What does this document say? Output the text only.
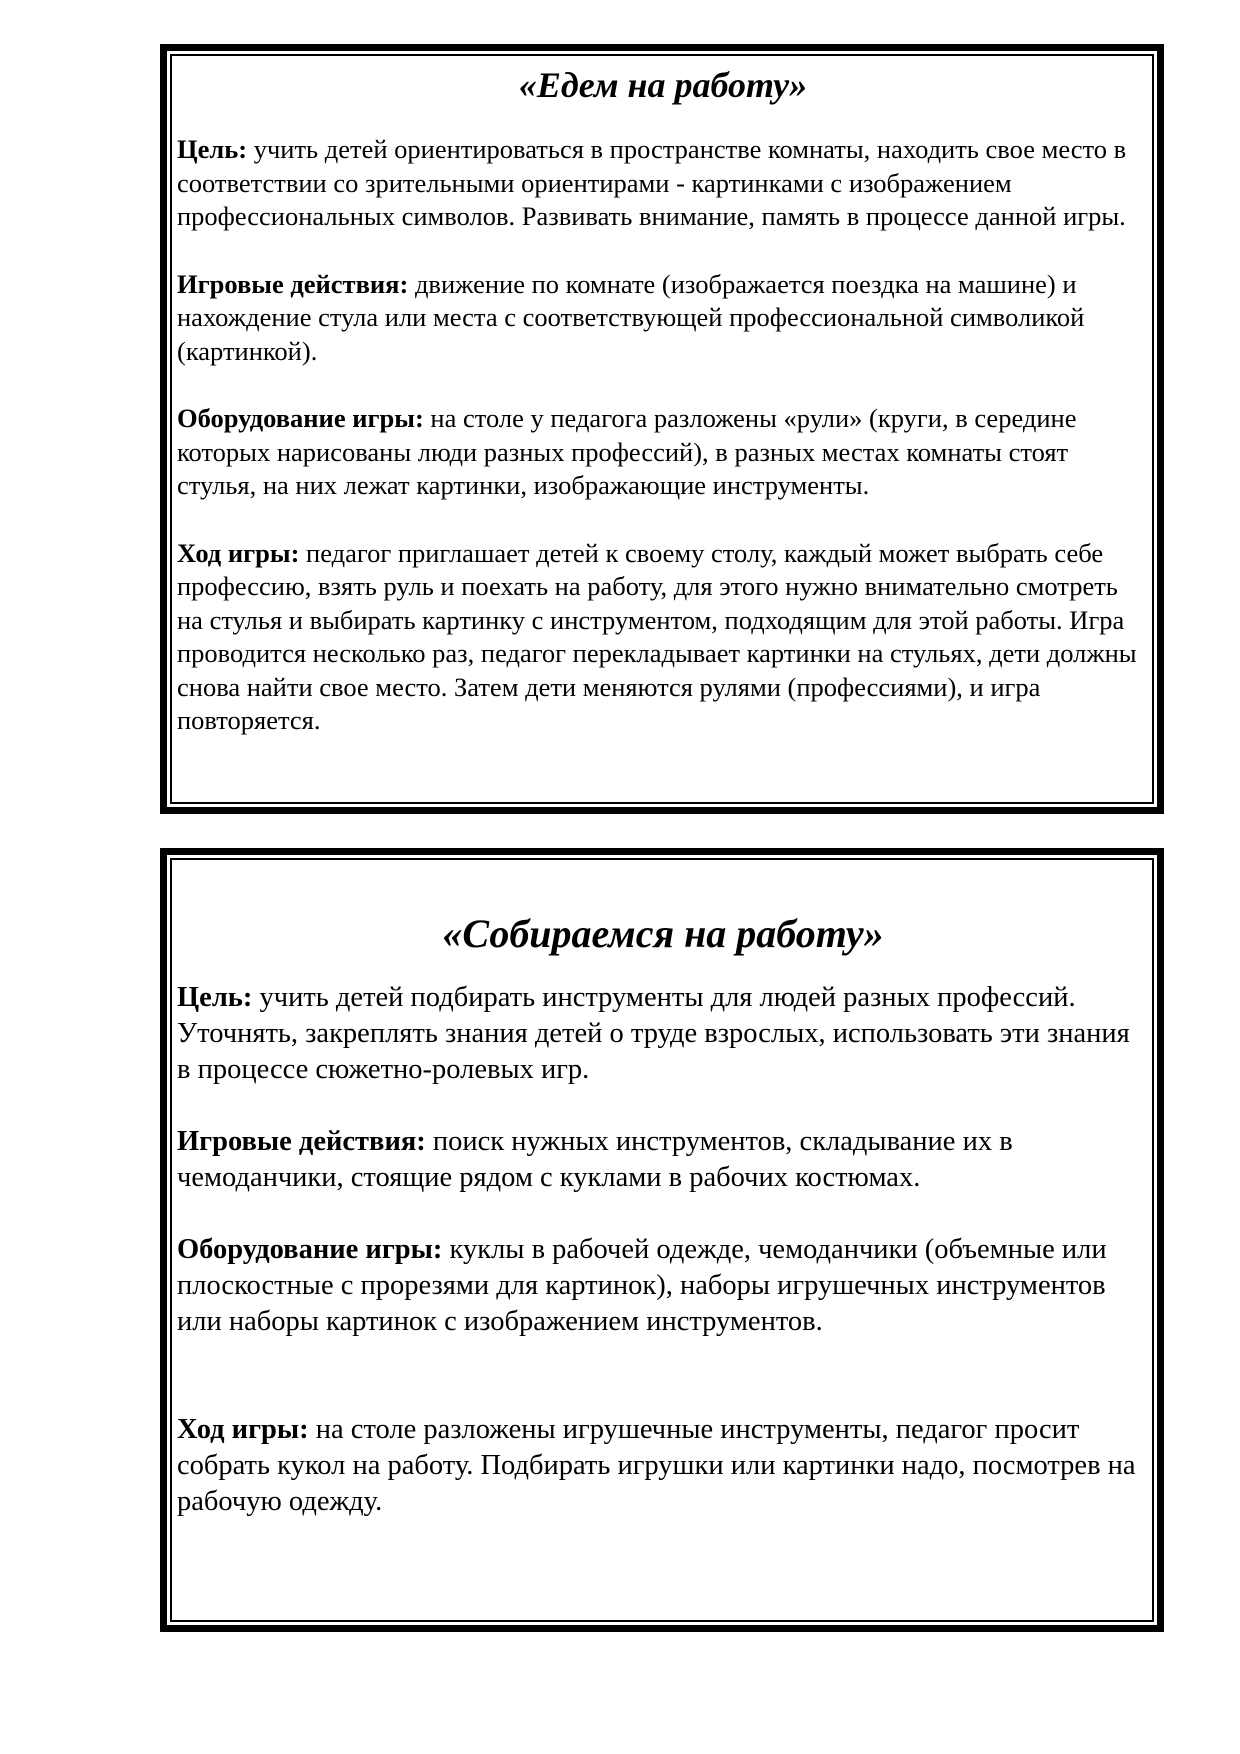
«Едем на работу»

Цель: учить детей ориентироваться в пространстве комнаты, находить свое место в соответствии со зрительными ориентирами - картинками с изображением профессиональных символов. Развивать внимание, память в процессе данной игры.

Игровые действия: движение по комнате (изображается поездка на машине) и нахождение стула или места с соответствующей профессиональной символикой (картинкой).

Оборудование игры: на столе у педагога разложены «рули» (круги, в середине которых нарисованы люди разных профессий), в разных местах комнаты стоят стулья, на них лежат картинки, изображающие инструменты.

Ход игры: педагог приглашает детей к своему столу, каждый может выбрать себе профессию, взять руль и поехать на работу, для этого нужно внимательно смотреть на стулья и выбирать картинку с инструментом, подходящим для этой работы. Игра проводится несколько раз, педагог перекладывает картинки на стульях, дети должны снова найти свое место. Затем дети меняются рулями (профессиями), и игра повторяется.

«Собираемся на работу»

Цель: учить детей подбирать инструменты для людей разных профессий. Уточнять, закреплять знания детей о труде взрослых, использовать эти знания в процессе сюжетно-ролевых игр.

Игровые действия: поиск нужных инструментов, складывание их в чемоданчики, стоящие рядом с куклами в рабочих костюмах.

Оборудование игры: куклы в рабочей одежде, чемоданчики (объемные или плоскостные с прорезями для картинок), наборы игрушечных инструментов или наборы картинок с изображением инструментов.

Ход игры: на столе разложены игрушечные инструменты, педагог просит собрать кукол на работу. Подбирать игрушки или картинки надо, посмотрев на рабочую одежду.
